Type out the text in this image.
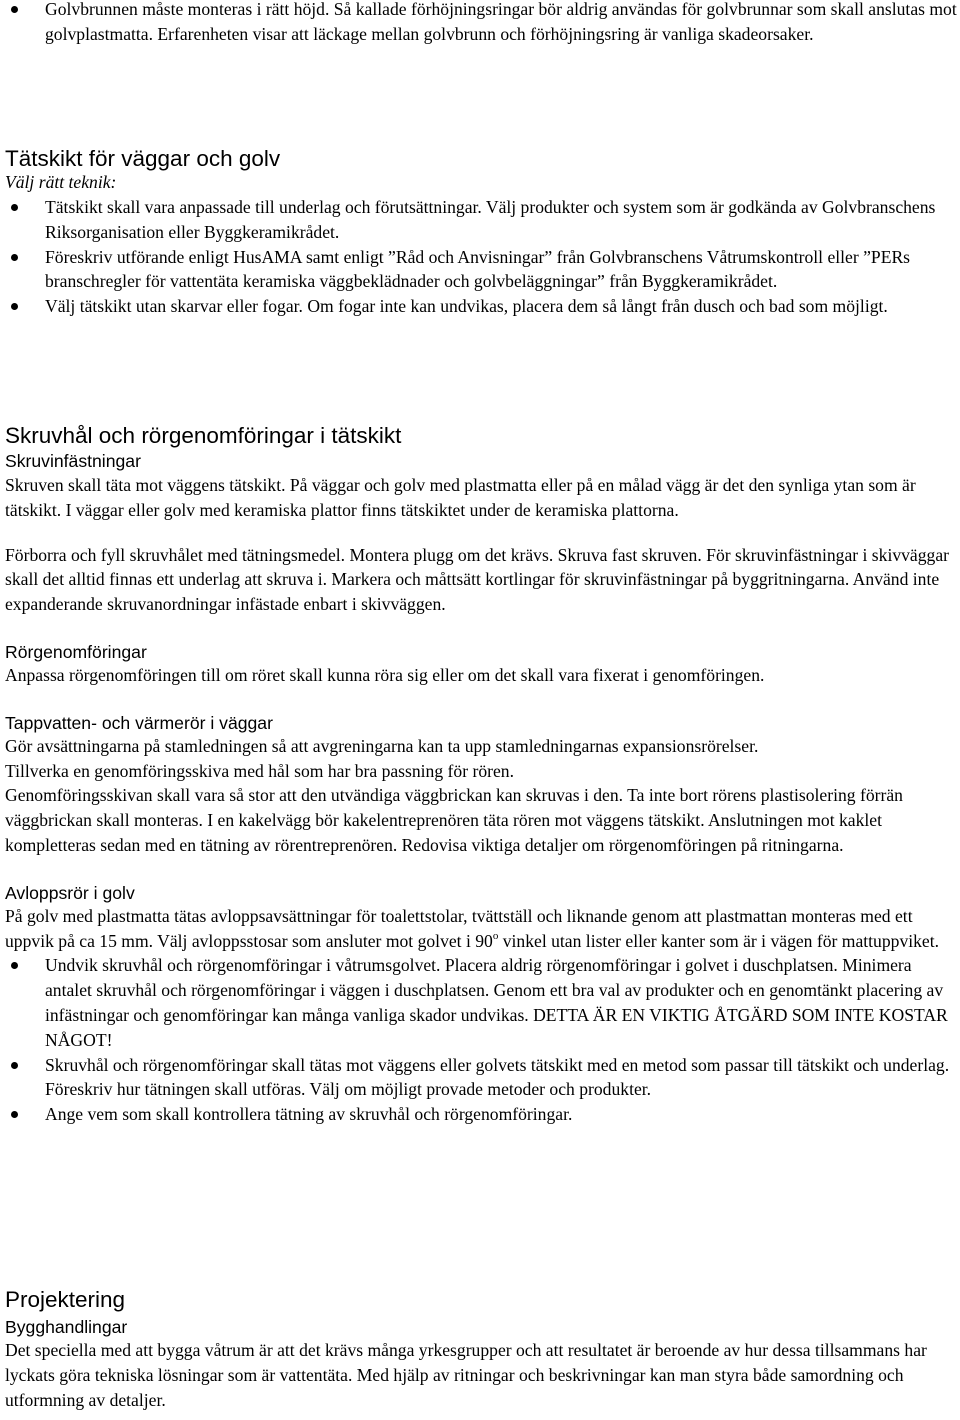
Golvbrunnen måste monteras i rätt höjd. Så kallade förhöjningsringar bör aldrig användas för golvbrunnar som skall anslutas mot golvplastmatta. Erfarenheten visar att läckage mellan golvbrunn och förhöjningsring är vanliga skadeorsaker.
Tätskikt för väggar och golv
Välj rätt teknik:
Tätskikt skall vara anpassade till underlag och förutsättningar. Välj produkter och system som är godkända av Golvbranschens Riksorganisation eller Byggkeramikrådet.
Föreskriv utförande enligt HusAMA samt enligt ”Råd och Anvisningar” från Golvbranschens Våtrumskontroll eller ”PERs branschregler för vattentäta keramiska väggbeklädnader och golvbeläggningar” från Byggkeramikrådet.
Välj tätskikt utan skarvar eller fogar. Om fogar inte kan undvikas, placera dem så långt från dusch och bad som möjligt.
Skruvhål och rörgenomföringar i tätskikt
Skruvinfästningar

Skruven skall täta mot väggens tätskikt. På väggar och golv med plastmatta eller på en målad vägg är det den synliga ytan som är tätskikt. I väggar eller golv med keramiska plattor finns tätskiktet under de keramiska plattorna.

Förborra och fyll skruvhålet med tätningsmedel. Montera plugg om det krävs. Skruva fast skruven. För skruvinfästningar i skivväggar skall det alltid finnas ett underlag att skruva i. Markera och måttsätt kortlingar för skruvinfästningar på byggritningarna. Använd inte expanderande skruvanordningar infästade enbart i skivväggen.

Rörgenomföringar

Anpassa rörgenomföringen till om röret skall kunna röra sig eller om det skall vara fixerat i genomföringen.

Tappvatten- och värmerör i väggar

Gör avsättningarna på stamledningen så att avgreningarna kan ta upp stamledningarnas expansionsrörelser.

Tillverka en genomföringsskiva med hål som har bra passning för rören.

Genomföringsskivan skall vara så stor att den utvändiga väggbrickan kan skruvas i den. Ta inte bort rörens plastisolering förrän väggbrickan skall monteras. I en kakelvägg bör kakelentreprenören täta rören mot väggens tätskikt. Anslutningen mot kaklet kompletteras sedan med en tätning av rörentreprenören. Redovisa viktiga detaljer om rörgenomföringen på ritningarna.

Avloppsrör i golv

På golv med plastmatta tätas avloppsavsättningar för toalettstolar, tvättställ och liknande genom att plastmattan monteras med ett uppvik på ca 15 mm. Välj avloppsstosar som ansluter mot golvet i 90$^o$ vinkel utan lister eller kanter som är i vägen för mattuppviket.

Undvik skruvhål och rörgenomföringar i våtrumsgolvet. Placera aldrig rörgenomföringar i golvet i duschplatsen. Minimera antalet skruvhål och rörgenomföringar i väggen i duschplatsen. Genom ett bra val av produkter och en genomtänkt placering av infästningar och genomföringar kan många vanliga skador undvikas. DETTA ÄR EN VIKTIG ÅTGÄRD SOM INTE KOSTAR NÅGOT!
Skruvhål och rörgenomföringar skall tätas mot väggens eller golvets tätskikt med en metod som passar till tätskikt och underlag. Föreskriv hur tätningen skall utföras. Välj om möjligt provade metoder och produkter.
Ange vem som skall kontrollera tätning av skruvhål och rörgenomföringar.
Projektering
Bygghandlingar

Det speciella med att bygga våtrum är att det krävs många yrkesgrupper och att resultatet är beroende av hur dessa tillsammans har lyckats göra tekniska lösningar som är vattentäta. Med hjälp av ritningar och beskrivningar kan man styra både samordning och utformning av detaljer.
